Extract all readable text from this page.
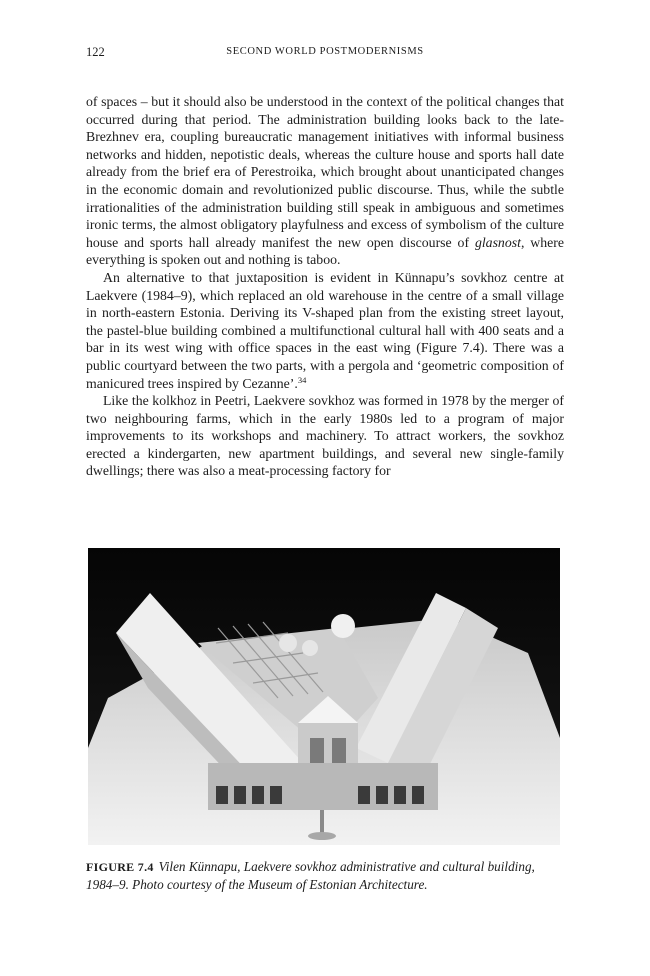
122	SECOND WORLD POSTMODERNISMS

of spaces – but it should also be understood in the context of the political changes that occurred during that period. The administration building looks back to the late-Brezhnev era, coupling bureaucratic management initiatives with informal business networks and hidden, nepotistic deals, whereas the culture house and sports hall date already from the brief era of Perestroika, which brought about unanticipated changes in the economic domain and revolutionized public discourse. Thus, while the subtle irrationalities of the administration building still speak in ambiguous and sometimes ironic terms, the almost obligatory playfulness and excess of symbolism of the culture house and sports hall already manifest the new open discourse of glasnost, where everything is spoken out and nothing is taboo.

An alternative to that juxtaposition is evident in Künnapu’s sovkhoz centre at Laekvere (1984–9), which replaced an old warehouse in the centre of a small village in north-eastern Estonia. Deriving its V-shaped plan from the existing street layout, the pastel-blue building combined a multifunctional cultural hall with 400 seats and a bar in its west wing with office spaces in the east wing (Figure 7.4). There was a public courtyard between the two parts, with a pergola and ‘geometric composition of manicured trees inspired by Cezanne’.$^{34}$

Like the kolkhoz in Peetri, Laekvere sovkhoz was formed in 1978 by the merger of two neighbouring farms, which in the early 1980s led to a program of major improvements to its workshops and machinery. To attract workers, the sovkhoz erected a kindergarten, new apartment buildings, and several new single-family dwellings; there was also a meat-processing factory for

FIGURE 7.4 Vilen Künnapu, Laekvere sovkhoz administrative and cultural building, 1984–9. Photo courtesy of the Museum of Estonian Architecture.
